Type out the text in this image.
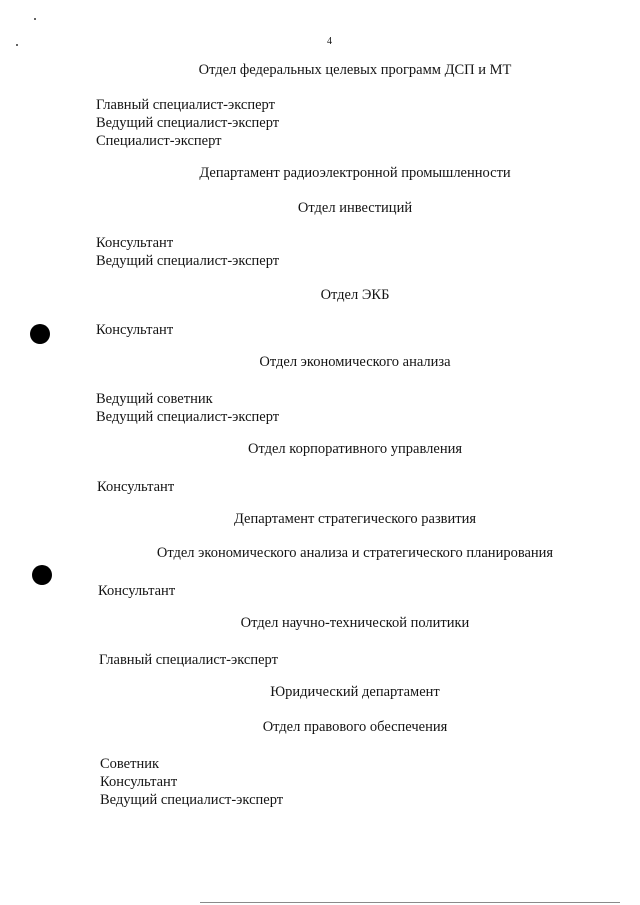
4
Отдел федеральных целевых программ ДСП и МТ
Главный специалист-эксперт
Ведущий специалист-эксперт
Специалист-эксперт
Департамент радиоэлектронной промышленности
Отдел инвестиций
Консультант
Ведущий специалист-эксперт
Отдел ЭКБ
Консультант
Отдел экономического анализа
Ведущий советник
Ведущий специалист-эксперт
Отдел корпоративного управления
Консультант
Департамент стратегического развития
Отдел экономического анализа и стратегического планирования
Консультант
Отдел научно-технической политики
Главный специалист-эксперт
Юридический департамент
Отдел правового обеспечения
Советник
Консультант
Ведущий специалист-эксперт
